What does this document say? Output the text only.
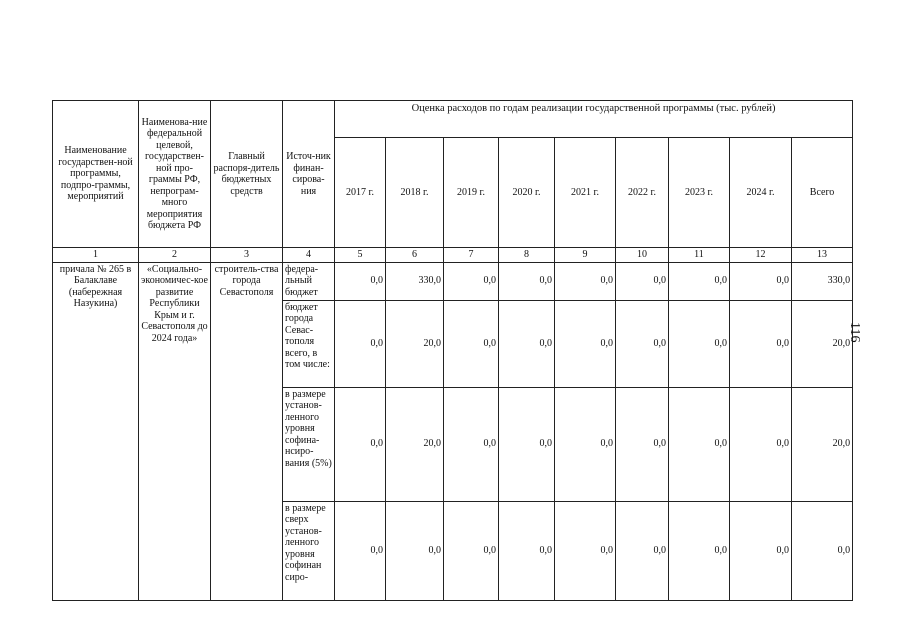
Наименование государствен-ной программы, подпро-граммы, мероприятий	Наименова-ние федеральной целевой, государствен-ной про-граммы РФ, непрограм-много мероприятия бюджета РФ	Главный распоря-дитель бюджетных средств	Источ-ник финан-сирова-ния	Оценка расходов по годам реализации государственной программы (тыс. рублей)								
				2017 г.	2018 г.	2019 г.	2020 г.	2021 г.	2022 г.	2023 г.	2024 г.	Всего
1	2	3	4	5	6	7	8	9	10	11	12	13
причала № 265 в Балаклаве (набережная Назукина)	«Социально-экономичес-кое развитие Республики Крым и г. Севастополя до 2024 года»	строитель-ства города Севастополя	федера-льный бюджет	0,0	330,0	0,0	0,0	0,0	0,0	0,0	0,0	330,0
			бюджет города Севас-тополя всего, в том числе:	0,0	20,0	0,0	0,0	0,0	0,0	0,0	0,0	20,0
			в размере установ-ленного уровня софина-нсиро-вания (5%)	0,0	20,0	0,0	0,0	0,0	0,0	0,0	0,0	20,0
			в размере сверх установ-ленного уровня софинан сиро-	0,0	0,0	0,0	0,0	0,0	0,0	0,0	0,0	0,0
116
